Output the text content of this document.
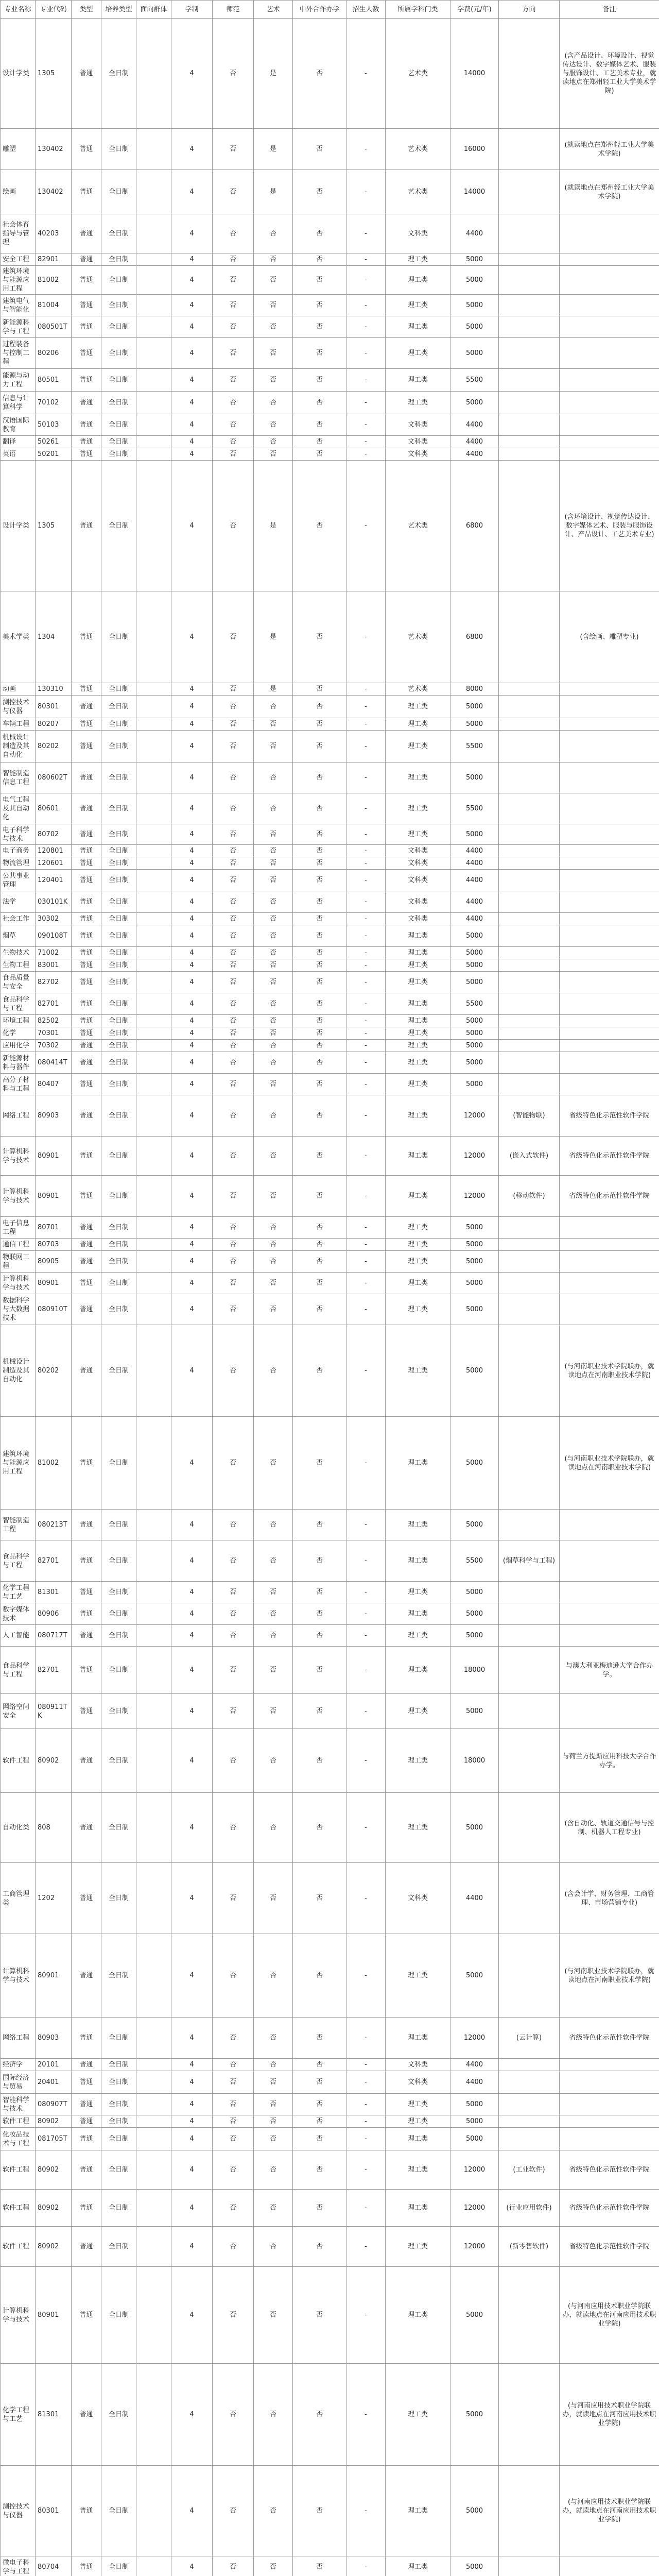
专业名称	专业代码	类型	培养类型	面向群体	学制	师范	艺术	中外合作办学	招生人数	所属学科门类	学费(元/年)	方向	备注
设计学类	1305	普通	全日制		4	否	是	否	-	艺术类	14000		(含产品设计、环境设计、视觉传达设计、数字媒体艺术、服装与服饰设计、工艺美术专业，就读地点在郑州轻工业大学美术学院)
雕塑	130402	普通	全日制		4	否	是	否	-	艺术类	16000		(就读地点在郑州轻工业大学美术学院)
绘画	130402	普通	全日制		4	否	是	否	-	艺术类	14000		(就读地点在郑州轻工业大学美术学院)
社会体育指导与管理	40203	普通	全日制		4	否	否	否	-	文科类	4400		
安全工程	82901	普通	全日制		4	否	否	否	-	理工类	5000		
建筑环境与能源应用工程	81002	普通	全日制		4	否	否	否	-	理工类	5000		
建筑电气与智能化	81004	普通	全日制		4	否	否	否	-	理工类	5000		
新能源科学与工程	080501T	普通	全日制		4	否	否	否	-	理工类	5000		
过程装备与控制工程	80206	普通	全日制		4	否	否	否	-	理工类	5000		
能源与动力工程	80501	普通	全日制		4	否	否	否	-	理工类	5500		
信息与计算科学	70102	普通	全日制		4	否	否	否	-	理工类	5000		
汉语国际教育	50103	普通	全日制		4	否	否	否	-	文科类	4400		
翻译	50261	普通	全日制		4	否	否	否	-	文科类	4400		
英语	50201	普通	全日制		4	否	否	否	-	文科类	4400		
设计学类	1305	普通	全日制		4	否	是	否	-	艺术类	6800		(含环境设计、视觉传达设计、数字媒体艺术、服装与服饰设计、产品设计、工艺美术专业)
美术学类	1304	普通	全日制		4	否	是	否	-	艺术类	6800		(含绘画、雕塑专业)
动画	130310	普通	全日制		4	否	是	否	-	艺术类	8000		
测控技术与仪器	80301	普通	全日制		4	否	否	否	-	理工类	5000		
车辆工程	80207	普通	全日制		4	否	否	否	-	理工类	5000		
机械设计制造及其自动化	80202	普通	全日制		4	否	否	否	-	理工类	5500		
智能制造信息工程	080602T	普通	全日制		4	否	否	否	-	理工类	5000		
电气工程及其自动化	80601	普通	全日制		4	否	否	否	-	理工类	5500		
电子科学与技术	80702	普通	全日制		4	否	否	否	-	理工类	5000		
电子商务	120801	普通	全日制		4	否	否	否	-	文科类	4400		
物流管理	120601	普通	全日制		4	否	否	否	-	文科类	4400		
公共事业管理	120401	普通	全日制		4	否	否	否	-	文科类	4400		
法学	030101K	普通	全日制		4	否	否	否	-	文科类	4400		
社会工作	30302	普通	全日制		4	否	否	否	-	文科类	4400		
烟草	090108T	普通	全日制		4	否	否	否	-	理工类	5000		
生物技术	71002	普通	全日制		4	否	否	否	-	理工类	5000		
生物工程	83001	普通	全日制		4	否	否	否	-	理工类	5000		
食品质量与安全	82702	普通	全日制		4	否	否	否	-	理工类	5000		
食品科学与工程	82701	普通	全日制		4	否	否	否	-	理工类	5500		
环境工程	82502	普通	全日制		4	否	否	否	-	理工类	5000		
化学	70301	普通	全日制		4	否	否	否	-	理工类	5000		
应用化学	70302	普通	全日制		4	否	否	否	-	理工类	5000		
新能源材料与器件	080414T	普通	全日制		4	否	否	否	-	理工类	5000		
高分子材料与工程	80407	普通	全日制		4	否	否	否	-	理工类	5000		
网络工程	80903	普通	全日制		4	否	否	否	-	理工类	12000	(智能物联)	省级特色化示范性软件学院
计算机科学与技术	80901	普通	全日制		4	否	否	否	-	理工类	12000	(嵌入式软件)	省级特色化示范性软件学院
计算机科学与技术	80901	普通	全日制		4	否	否	否	-	理工类	12000	(移动软件)	省级特色化示范性软件学院
电子信息工程	80701	普通	全日制		4	否	否	否	-	理工类	5000		
通信工程	80703	普通	全日制		4	否	否	否	-	理工类	5000		
物联网工程	80905	普通	全日制		4	否	否	否	-	理工类	5000		
计算机科学与技术	80901	普通	全日制		4	否	否	否	-	理工类	5000		
数据科学与大数据技术	080910T	普通	全日制		4	否	否	否	-	理工类	5000		
机械设计制造及其自动化	80202	普通	全日制		4	否	否	否	-	理工类	5000		(与河南职业技术学院联办，就读地点在河南职业技术学院)
建筑环境与能源应用工程	81002	普通	全日制		4	否	否	否	-	理工类	5000		(与河南职业技术学院联办，就读地点在河南职业技术学院)
智能制造工程	080213T	普通	全日制		4	否	否	否	-	理工类	5000		
食品科学与工程	82701	普通	全日制		4	否	否	否	-	理工类	5500	(烟草科学与工程)	
化学工程与工艺	81301	普通	全日制		4	否	否	否	-	理工类	5000		
数字媒体技术	80906	普通	全日制		4	否	否	否	-	理工类	5000		
人工智能	080717T	普通	全日制		4	否	否	否	-	理工类	5000		
食品科学与工程	82701	普通	全日制		4	否	否	否	-	理工类	18000		与澳大利亚梅迪逊大学合作办学。
网络空间安全	080911TK	普通	全日制		4	否	否	否	-	理工类	5000		
软件工程	80902	普通	全日制		4	否	否	否	-	理工类	18000		与荷兰方提斯应用科技大学合作办学。
自动化类	808	普通	全日制		4	否	否	否	-	理工类	5000		(含自动化、轨道交通信号与控制、机器人工程专业)
工商管理类	1202	普通	全日制		4	否	否	否	-	文科类	4400		(含会计学、财务管理、工商管理、市场营销专业)
计算机科学与技术	80901	普通	全日制		4	否	否	否	-	理工类	5000		(与河南职业技术学院联办，就读地点在河南职业技术学院)
网络工程	80903	普通	全日制		4	否	否	否	-	理工类	12000	(云计算)	省级特色化示范性软件学院
经济学	20101	普通	全日制		4	否	否	否	-	文科类	4400		
国际经济与贸易	20401	普通	全日制		4	否	否	否	-	文科类	4400		
智能科学与技术	080907T	普通	全日制		4	否	否	否	-	理工类	5000		
软件工程	80902	普通	全日制		4	否	否	否	-	理工类	5000		
化妆品技术与工程	081705T	普通	全日制		4	否	否	否	-	理工类	5000		
软件工程	80902	普通	全日制		4	否	否	否	-	理工类	12000	(工业软件)	省级特色化示范性软件学院
软件工程	80902	普通	全日制		4	否	否	否	-	理工类	12000	(行业应用软件)	省级特色化示范性软件学院
软件工程	80902	普通	全日制		4	否	否	否	-	理工类	12000	(新零售软件)	省级特色化示范性软件学院
计算机科学与技术	80901	普通	全日制		4	否	否	否	-	理工类	5000		(与河南应用技术职业学院联办，就读地点在河南应用技术职业学院)
化学工程与工艺	81301	普通	全日制		4	否	否	否	-	理工类	5000		(与河南应用技术职业学院联办，就读地点在河南应用技术职业学院)
测控技术与仪器	80301	普通	全日制		4	否	否	否	-	理工类	5000		(与河南应用技术职业学院联办，就读地点在河南应用技术职业学院)
微电子科学与工程	80704	普通	全日制		4	否	否	否	-	理工类	5000		
